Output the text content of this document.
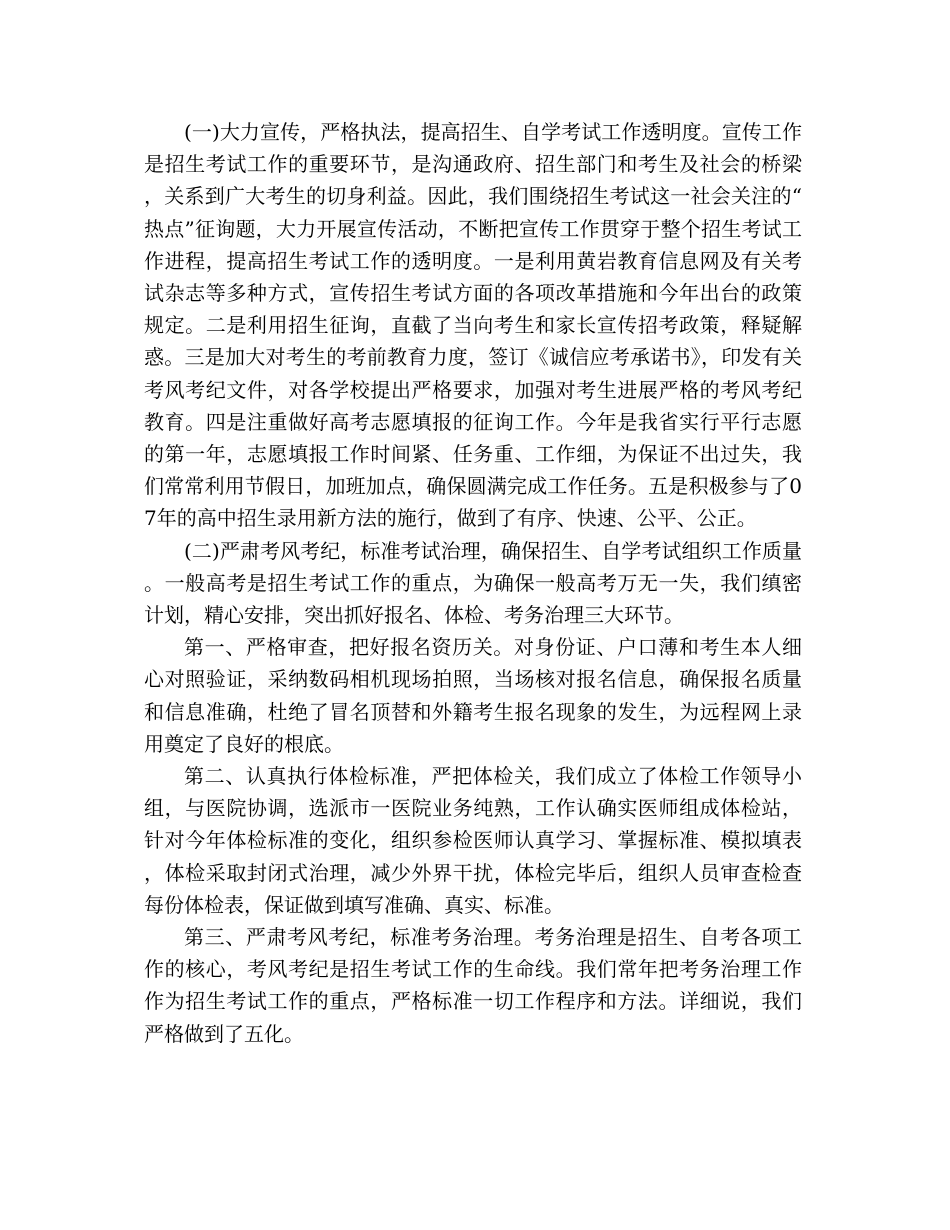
(一)大力宣传，严格执法，提高招生、自学考试工作透明度。宣传工作是招生考试工作的重要环节，是沟通政府、招生部门和考生及社会的桥梁，关系到广大考生的切身利益。因此，我们围绕招生考试这一社会关注的“热点”征询题，大力开展宣传活动，不断把宣传工作贯穿于整个招生考试工作进程，提高招生考试工作的透明度。一是利用黄岩教育信息网及有关考试杂志等多种方式，宣传招生考试方面的各项改革措施和今年出台的政策规定。二是利用招生征询，直截了当向考生和家长宣传招考政策，释疑解惑。三是加大对考生的考前教育力度，签订《诚信应考承诺书》，印发有关考风考纪文件，对各学校提出严格要求，加强对考生进展严格的考风考纪教育。四是注重做好高考志愿填报的征询工作。今年是我省实行平行志愿的第一年，志愿填报工作时间紧、任务重、工作细，为保证不出过失，我们常常利用节假日，加班加点，确保圆满完成工作任务。五是积极参与了07年的高中招生录用新方法的施行，做到了有序、快速、公平、公正。

(二)严肃考风考纪，标准考试治理，确保招生、自学考试组织工作质量。一般高考是招生考试工作的重点，为确保一般高考万无一失，我们缜密计划，精心安排，突出抓好报名、体检、考务治理三大环节。

第一、严格审查，把好报名资历关。对身份证、户口薄和考生本人细心对照验证，采纳数码相机现场拍照，当场核对报名信息，确保报名质量和信息准确，杜绝了冒名顶替和外籍考生报名现象的发生，为远程网上录用奠定了良好的根底。

第二、认真执行体检标准，严把体检关，我们成立了体检工作领导小组，与医院协调，选派市一医院业务纯熟，工作认确实医师组成体检站，针对今年体检标准的变化，组织参检医师认真学习、掌握标准、模拟填表，体检采取封闭式治理，减少外界干扰，体检完毕后，组织人员审查检查每份体检表，保证做到填写准确、真实、标准。

第三、严肃考风考纪，标准考务治理。考务治理是招生、自考各项工作的核心，考风考纪是招生考试工作的生命线。我们常年把考务治理工作作为招生考试工作的重点，严格标准一切工作程序和方法。详细说，我们严格做到了五化。
